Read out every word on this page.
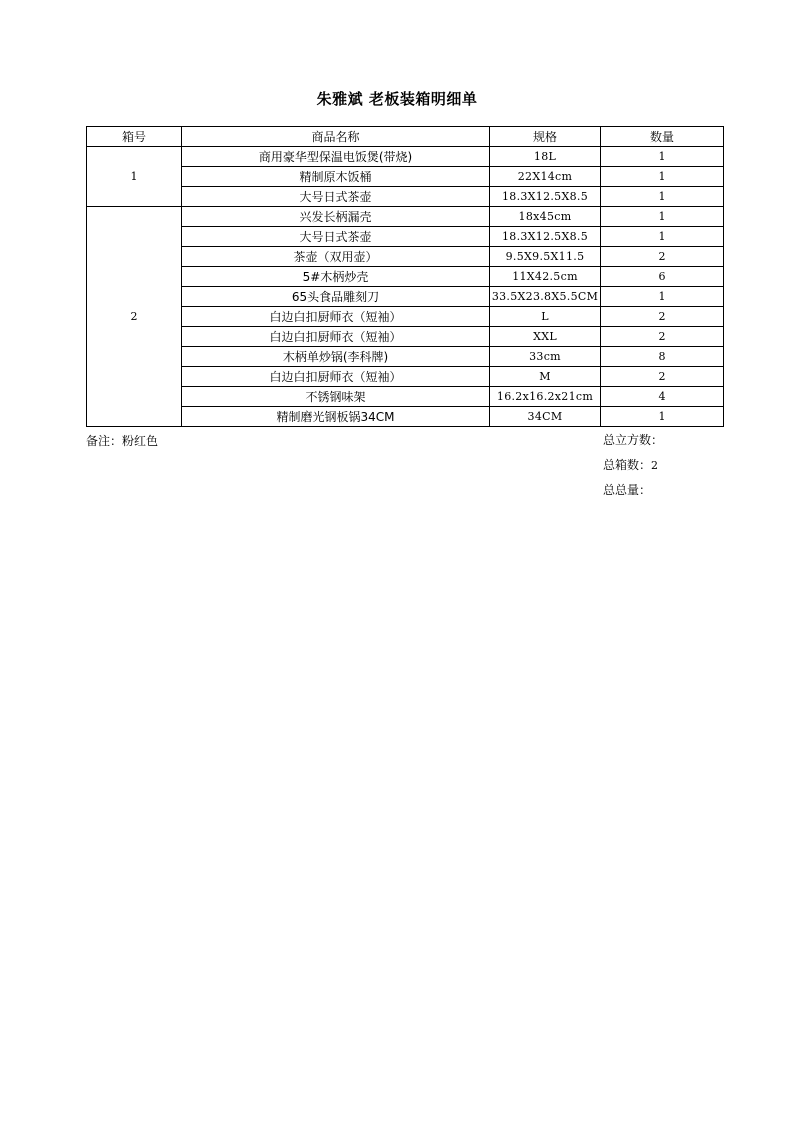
朱雅斌 老板装箱明细单
箱号	商品名称	规格	数量
1	商用豪华型保温电饭煲(带烧)	18L	1
	精制原木饭桶	22X14cm	1
	大号日式茶壶	18.3X12.5X8.5	1
2	兴发长柄漏壳	18x45cm	1
	大号日式茶壶	18.3X12.5X8.5	1
	茶壶（双用壶）	9.5X9.5X11.5	2
	5#木柄炒壳	11X42.5cm	6
	65头食品雕刻刀	33.5X23.8X5.5CM	1
	白边白扣厨师衣（短袖）	L	2
	白边白扣厨师衣（短袖）	XXL	2
	木柄单炒锅(李科牌)	33cm	8
	白边白扣厨师衣（短袖）	M	2
	不锈钢味架	16.2x16.2x21cm	4
	精制磨光钢板锅34CM	34CM	1
备注：粉红色	总立方数：
总箱数：2
总总量：
